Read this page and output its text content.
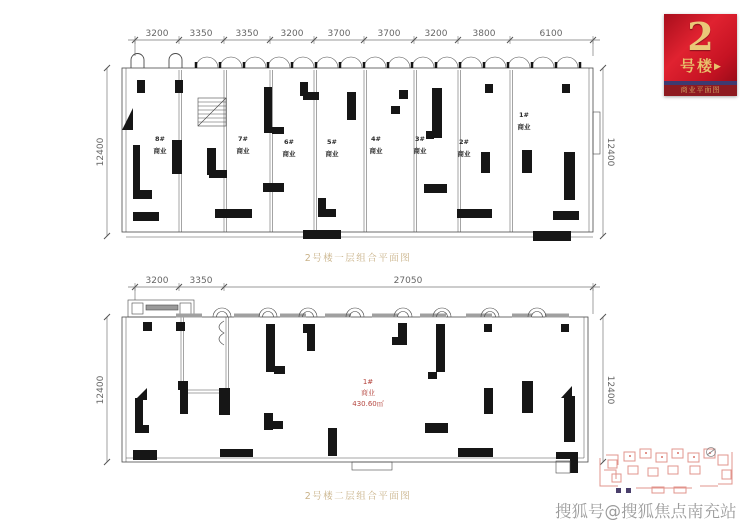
3200 3350	3350 3200	3700	3700	3200	3800	6100
12400	12400
8#
商业
7#
商业
6#
商业
5#
商业
4#
商业
3#
商业
2#
商业
1#
商业
3200 3350	27050
12400	12400
1#
商业
430.60㎡
2
号楼▶
商业平面图
2号楼一层组合平面图
2号楼二层组合平面图
搜狐号@搜狐焦点南充站
